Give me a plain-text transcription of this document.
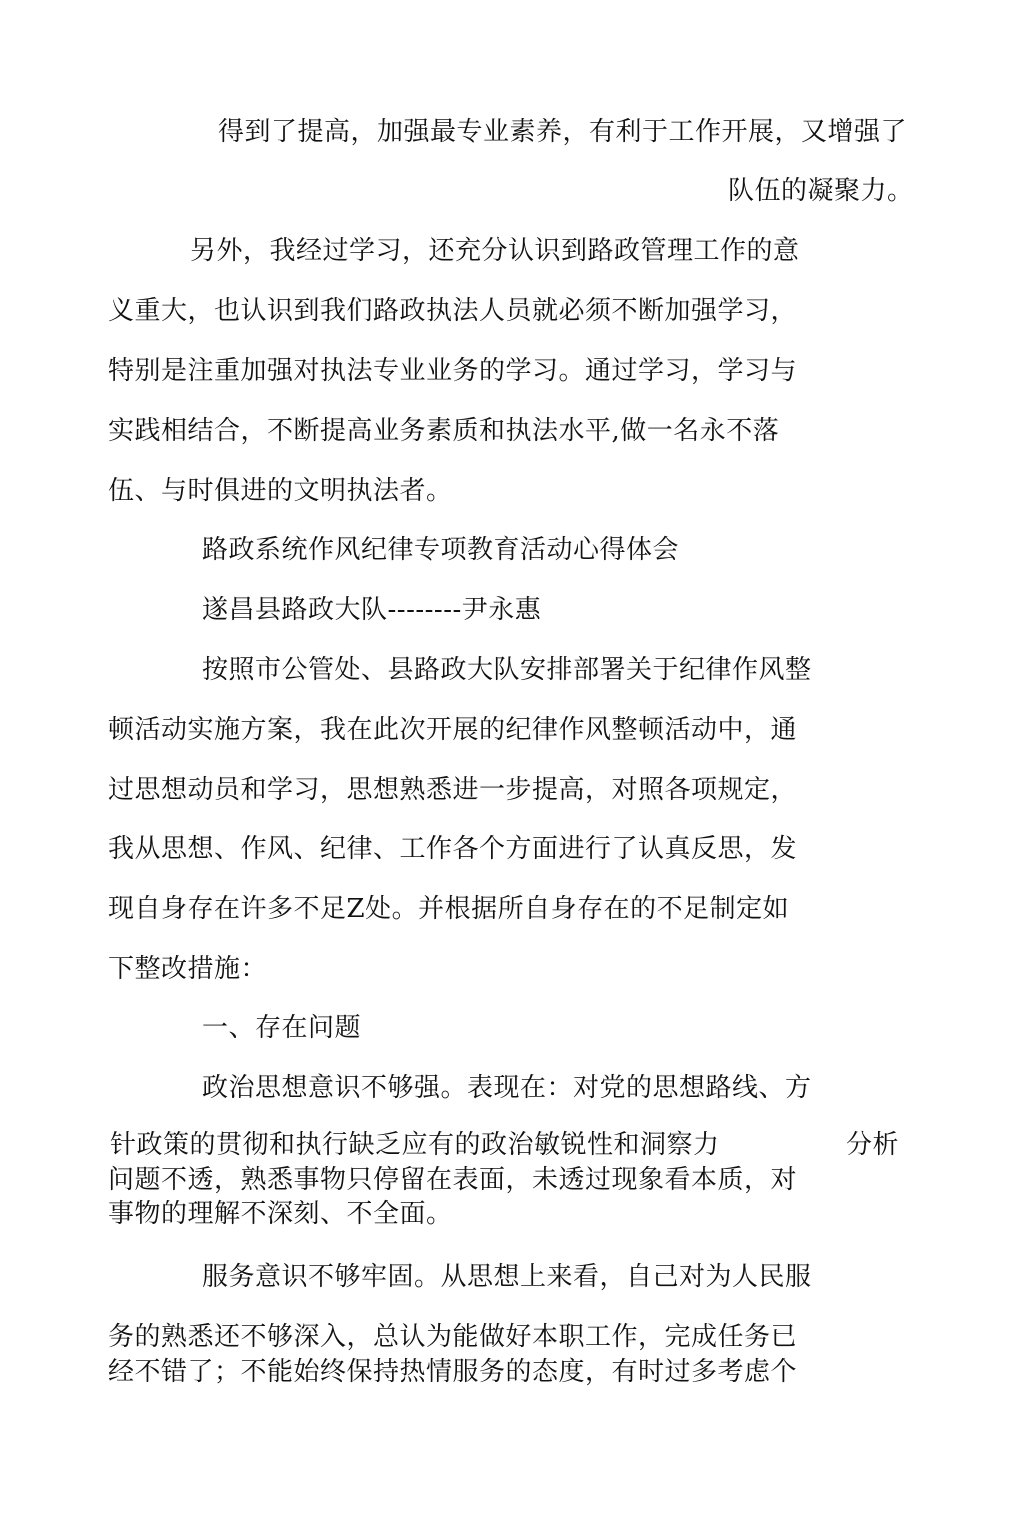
得到了提高，加强最专业素养，有利于工作开展，又增强了
队伍的凝聚力。
另外，我经过学习，还充分认识到路政管理工作的意
义重大，也认识到我们路政执法人员就必须不断加强学习，
特别是注重加强对执法专业业务的学习。通过学习，学习与
实践相结合，不断提高业务素质和执法水平,做一名永不落
伍、与时俱进的文明执法者。
路政系统作风纪律专项教育活动心得体会
遂昌县路政大队--------尹永惠
按照市公管处、县路政大队安排部署关于纪律作风整
顿活动实施方案，我在此次开展的纪律作风整顿活动中，通
过思想动员和学习，思想熟悉进一步提高，对照各项规定，
我从思想、作风、纪律、工作各个方面进行了认真反思，发
现自身存在许多不足Z处。并根据所自身存在的不足制定如
下整改措施：
一、存在问题
政治思想意识不够强。表现在：对党的思想路线、方
针政策的贯彻和执行缺乏应有的政治敏锐性和洞察力	分析
问题不透，熟悉事物只停留在表面，未透过现象看本质，对
事物的理解不深刻、不全面。
服务意识不够牢固。从思想上来看，自己对为人民服
务的熟悉还不够深入，总认为能做好本职工作，完成任务已
经不错了；不能始终保持热情服务的态度，有时过多考虑个
